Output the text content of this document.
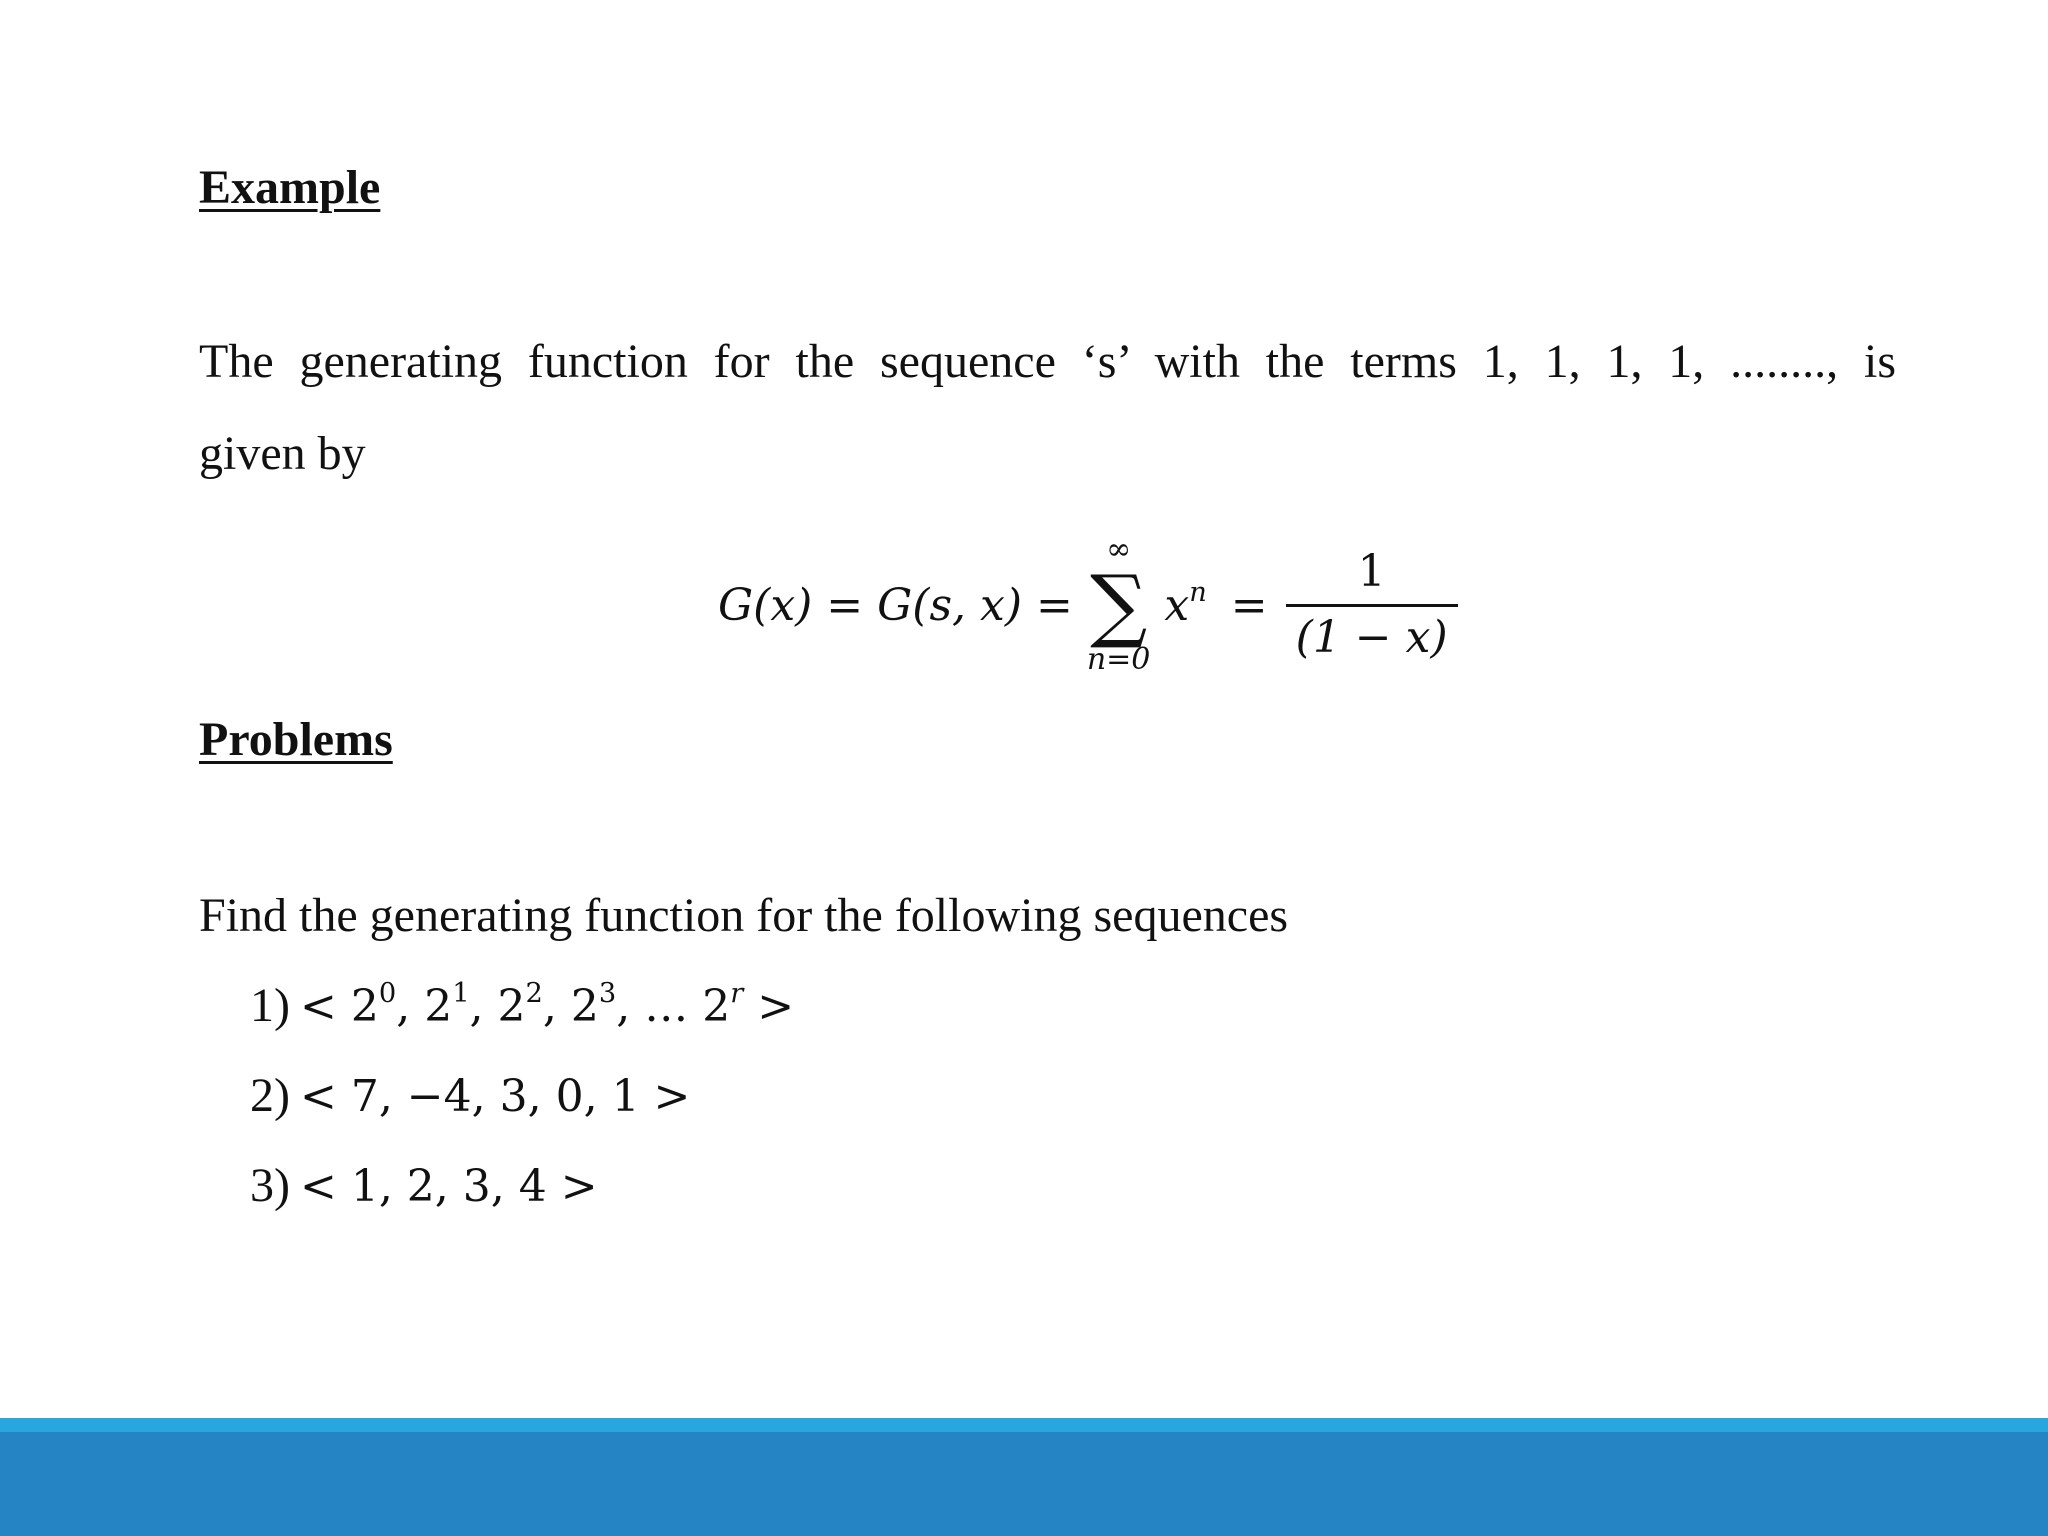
Example

The generating function for the sequence ‘s’ with the terms 1, 1, 1, 1, ........, is

given by

G(x) = G(s, x) =
∞
∑
n=0
$x^n = \frac{1}{(1 - x)}$
Problems

Find the generating function for the following sequences

$1) < 2^0$, $2^1$, $2^2$, $2^3$, … $2^r$ >
2) < 7, −4, 3, 0, 1 >
3) < 1, 2, 3, 4 >
